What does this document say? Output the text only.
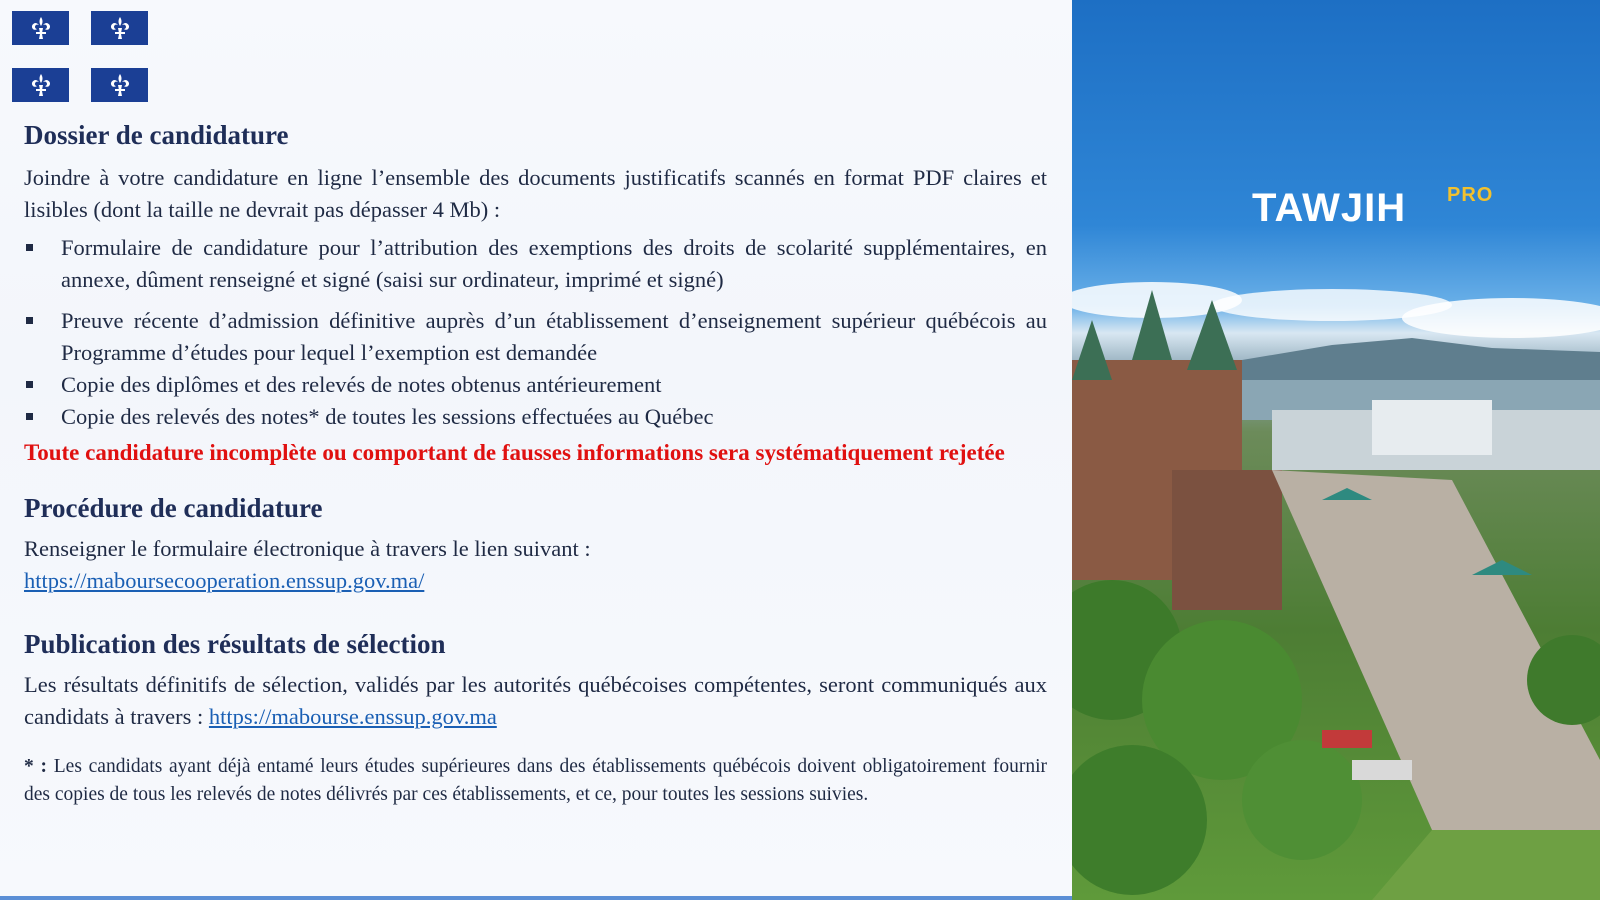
Dossier de candidature

Joindre à votre candidature en ligne l’ensemble des documents justificatifs scannés en format PDF claires et lisibles (dont la taille ne devrait pas dépasser 4 Mb) :

Formulaire de candidature pour l’attribution des exemptions des droits de scolarité supplémentaires, en annexe, dûment renseigné et signé (saisi sur ordinateur, imprimé et signé)
Preuve récente d’admission définitive auprès d’un établissement d’enseignement supérieur québécois au Programme d’études pour lequel l’exemption est demandée
Copie des diplômes et des relevés de notes obtenus antérieurement
Copie des relevés des notes* de toutes les sessions effectuées au Québec
Toute candidature incomplète ou comportant de fausses informations sera systématiquement rejetée
Procédure de candidature

Renseigner le formulaire électronique à travers le lien suivant :
https://maboursecooperation.enssup.gov.ma/

Publication des résultats de sélection

Les résultats définitifs de sélection, validés par les autorités québécoises compétentes, seront communiqués aux candidats à travers : https://mabourse.enssup.gov.ma

* : Les candidats ayant déjà entamé leurs études supérieures dans des établissements québécois doivent obligatoirement fournir des copies de tous les relevés de notes délivrés par ces établissements, et ce, pour toutes les sessions suivies.

TAWJIH PRO
